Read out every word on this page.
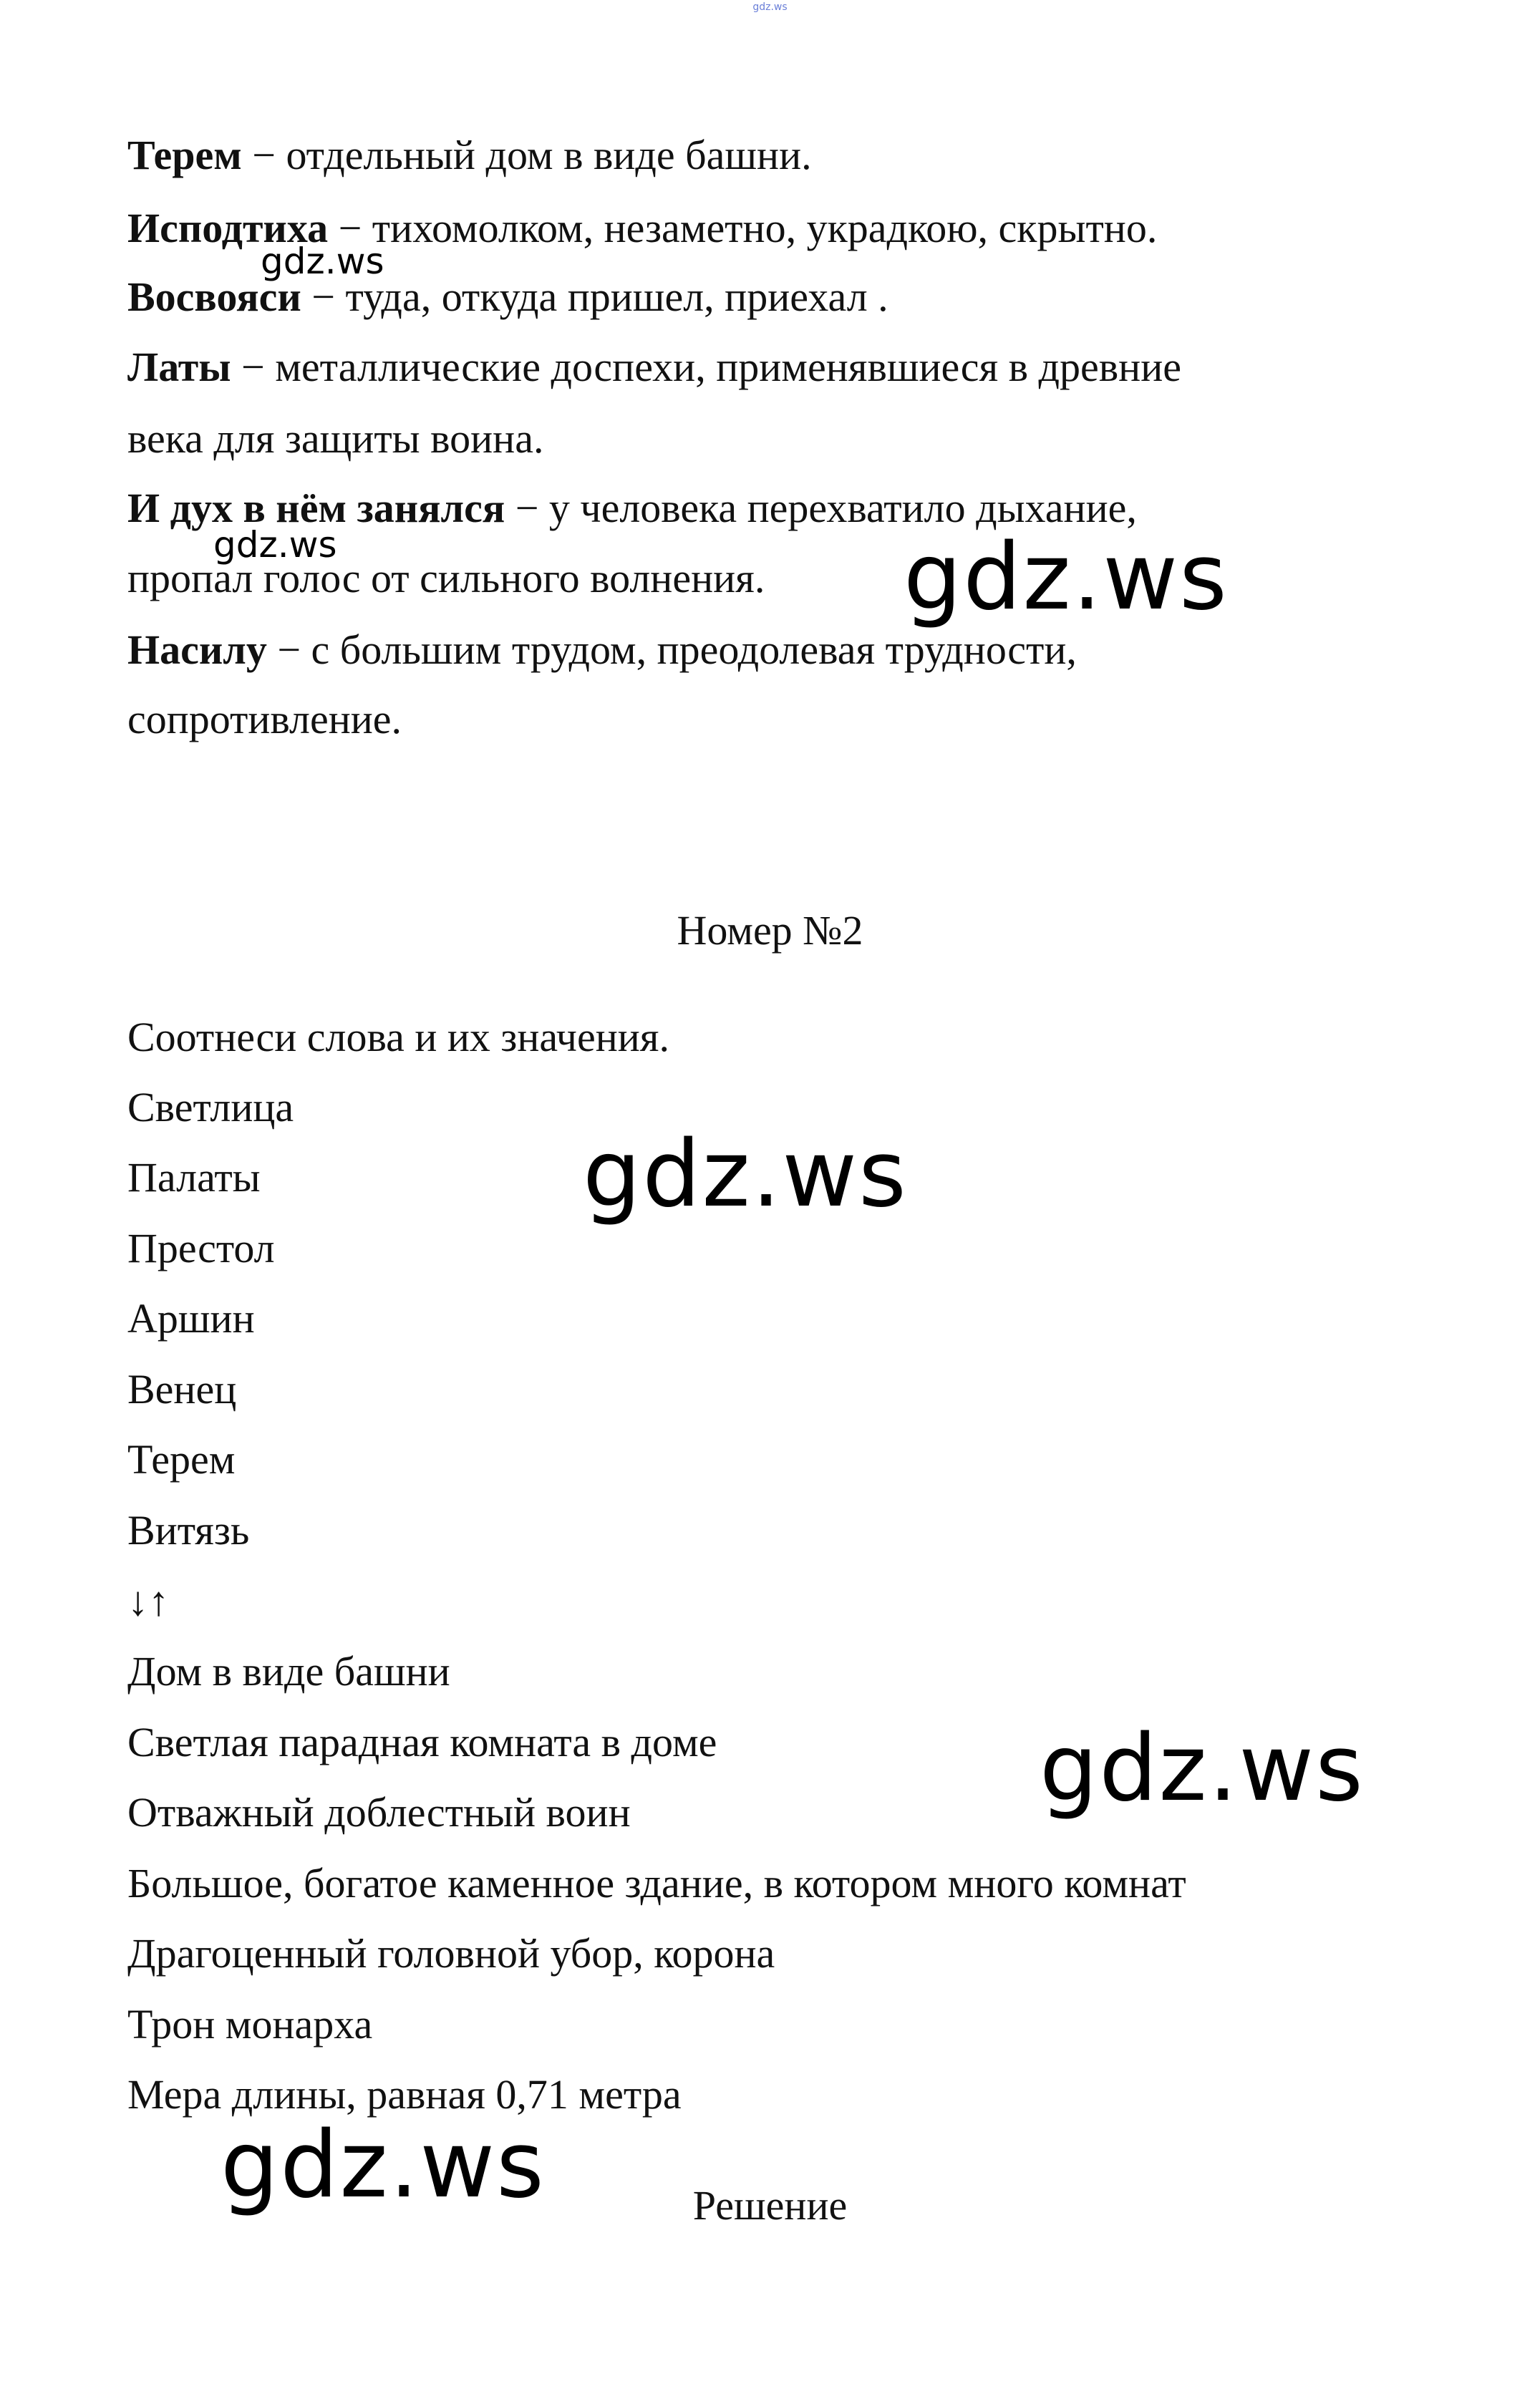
gdz.ws
Терем − отдельный дом в виде башни.
Исподтиха − тихомолком, незаметно, украдкою, скрытно.
Восвояси − туда, откуда пришел, приехал .
Латы − металлические доспехи, применявшиеся в древние
века для защиты воина.
И дух в нём занялся − у человека перехватило дыхание,
пропал голос от сильного волнения.
Насилу − с большим трудом, преодолевая трудности,
сопротивление.
Номер №2
Соотнеси слова и их значения.
Светлица
Палаты
Престол
Аршин
Венец
Терем
Витязь
↓↑
Дом в виде башни
Светлая парадная комната в доме
Отважный доблестный воин
Большое, богатое каменное здание, в котором много комнат
Драгоценный головной убор, корона
Трон монарха
Мера длины, равная 0,71 метра
Решение
gdz.ws
gdz.ws	gdz.ws
gdz.ws
gdz.ws
gdz.ws
